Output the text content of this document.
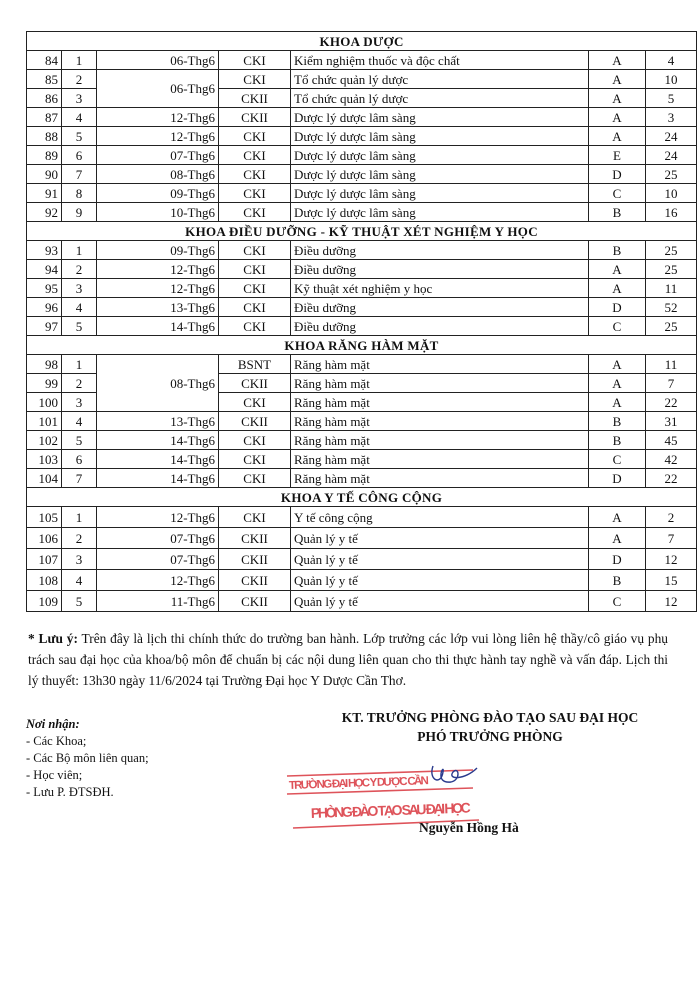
KHOA DƯỢC						
84	1	06-Thg6	CKI	Kiểm nghiệm thuốc và độc chất	A	4
85	2	06-Thg6	CKI	Tổ chức quản lý dược	A	10
86	3		CKII	Tổ chức quản lý dược	A	5
87	4	12-Thg6	CKII	Dược lý dược lâm sàng	A	3
88	5	12-Thg6	CKI	Dược lý dược lâm sàng	A	24
89	6	07-Thg6	CKI	Dược lý dược lâm sàng	E	24
90	7	08-Thg6	CKI	Dược lý dược lâm sàng	D	25
91	8	09-Thg6	CKI	Dược lý dược lâm sàng	C	10
92	9	10-Thg6	CKI	Dược lý dược lâm sàng	B	16
KHOA ĐIỀU DƯỠNG - KỸ THUẬT XÉT NGHIỆM Y HỌC						
93	1	09-Thg6	CKI	Điều dưỡng	B	25
94	2	12-Thg6	CKI	Điều dưỡng	A	25
95	3	12-Thg6	CKI	Kỹ thuật xét nghiệm y học	A	11
96	4	13-Thg6	CKI	Điều dưỡng	D	52
97	5	14-Thg6	CKI	Điều dưỡng	C	25
KHOA RĂNG HÀM MẶT						
98	1	08-Thg6	BSNT	Răng hàm mặt	A	11
99	2		CKII	Răng hàm mặt	A	7
100	3		CKI	Răng hàm mặt	A	22
101	4	13-Thg6	CKII	Răng hàm mặt	B	31
102	5	14-Thg6	CKI	Răng hàm mặt	B	45
103	6	14-Thg6	CKI	Răng hàm mặt	C	42
104	7	14-Thg6	CKI	Răng hàm mặt	D	22
KHOA Y TẾ CÔNG CỘNG						
105	1	12-Thg6	CKI	Y tế công cộng	A	2
106	2	07-Thg6	CKII	Quản lý y tế	A	7
107	3	07-Thg6	CKII	Quản lý y tế	D	12
108	4	12-Thg6	CKII	Quản lý y tế	B	15
109	5	11-Thg6	CKII	Quản lý y tế	C	12

* Lưu ý: Trên đây là lịch thi chính thức do trường ban hành. Lớp trưởng các lớp vui lòng liên hệ thầy/cô giáo vụ phụ trách sau đại học của khoa/bộ môn để chuẩn bị các nội dung liên quan cho thi thực hành tay nghề và vấn đáp. Lịch thi lý thuyết: 13h30 ngày 11/6/2024 tại Trường Đại học Y Dược Cần Thơ.

Nơi nhận:
- Các Khoa;
- Các Bộ môn liên quan;
- Học viên;
- Lưu P. ĐTSĐH.
KT. TRƯỞNG PHÒNG ĐÀO TẠO SAU ĐẠI HỌC
PHÓ TRƯỞNG PHÒNG
TRƯỜNG ĐẠI HỌC Y DƯỢC CẦN
PHÒNG ĐÀO TẠO SAU ĐẠI HỌC
Nguyễn Hồng Hà
